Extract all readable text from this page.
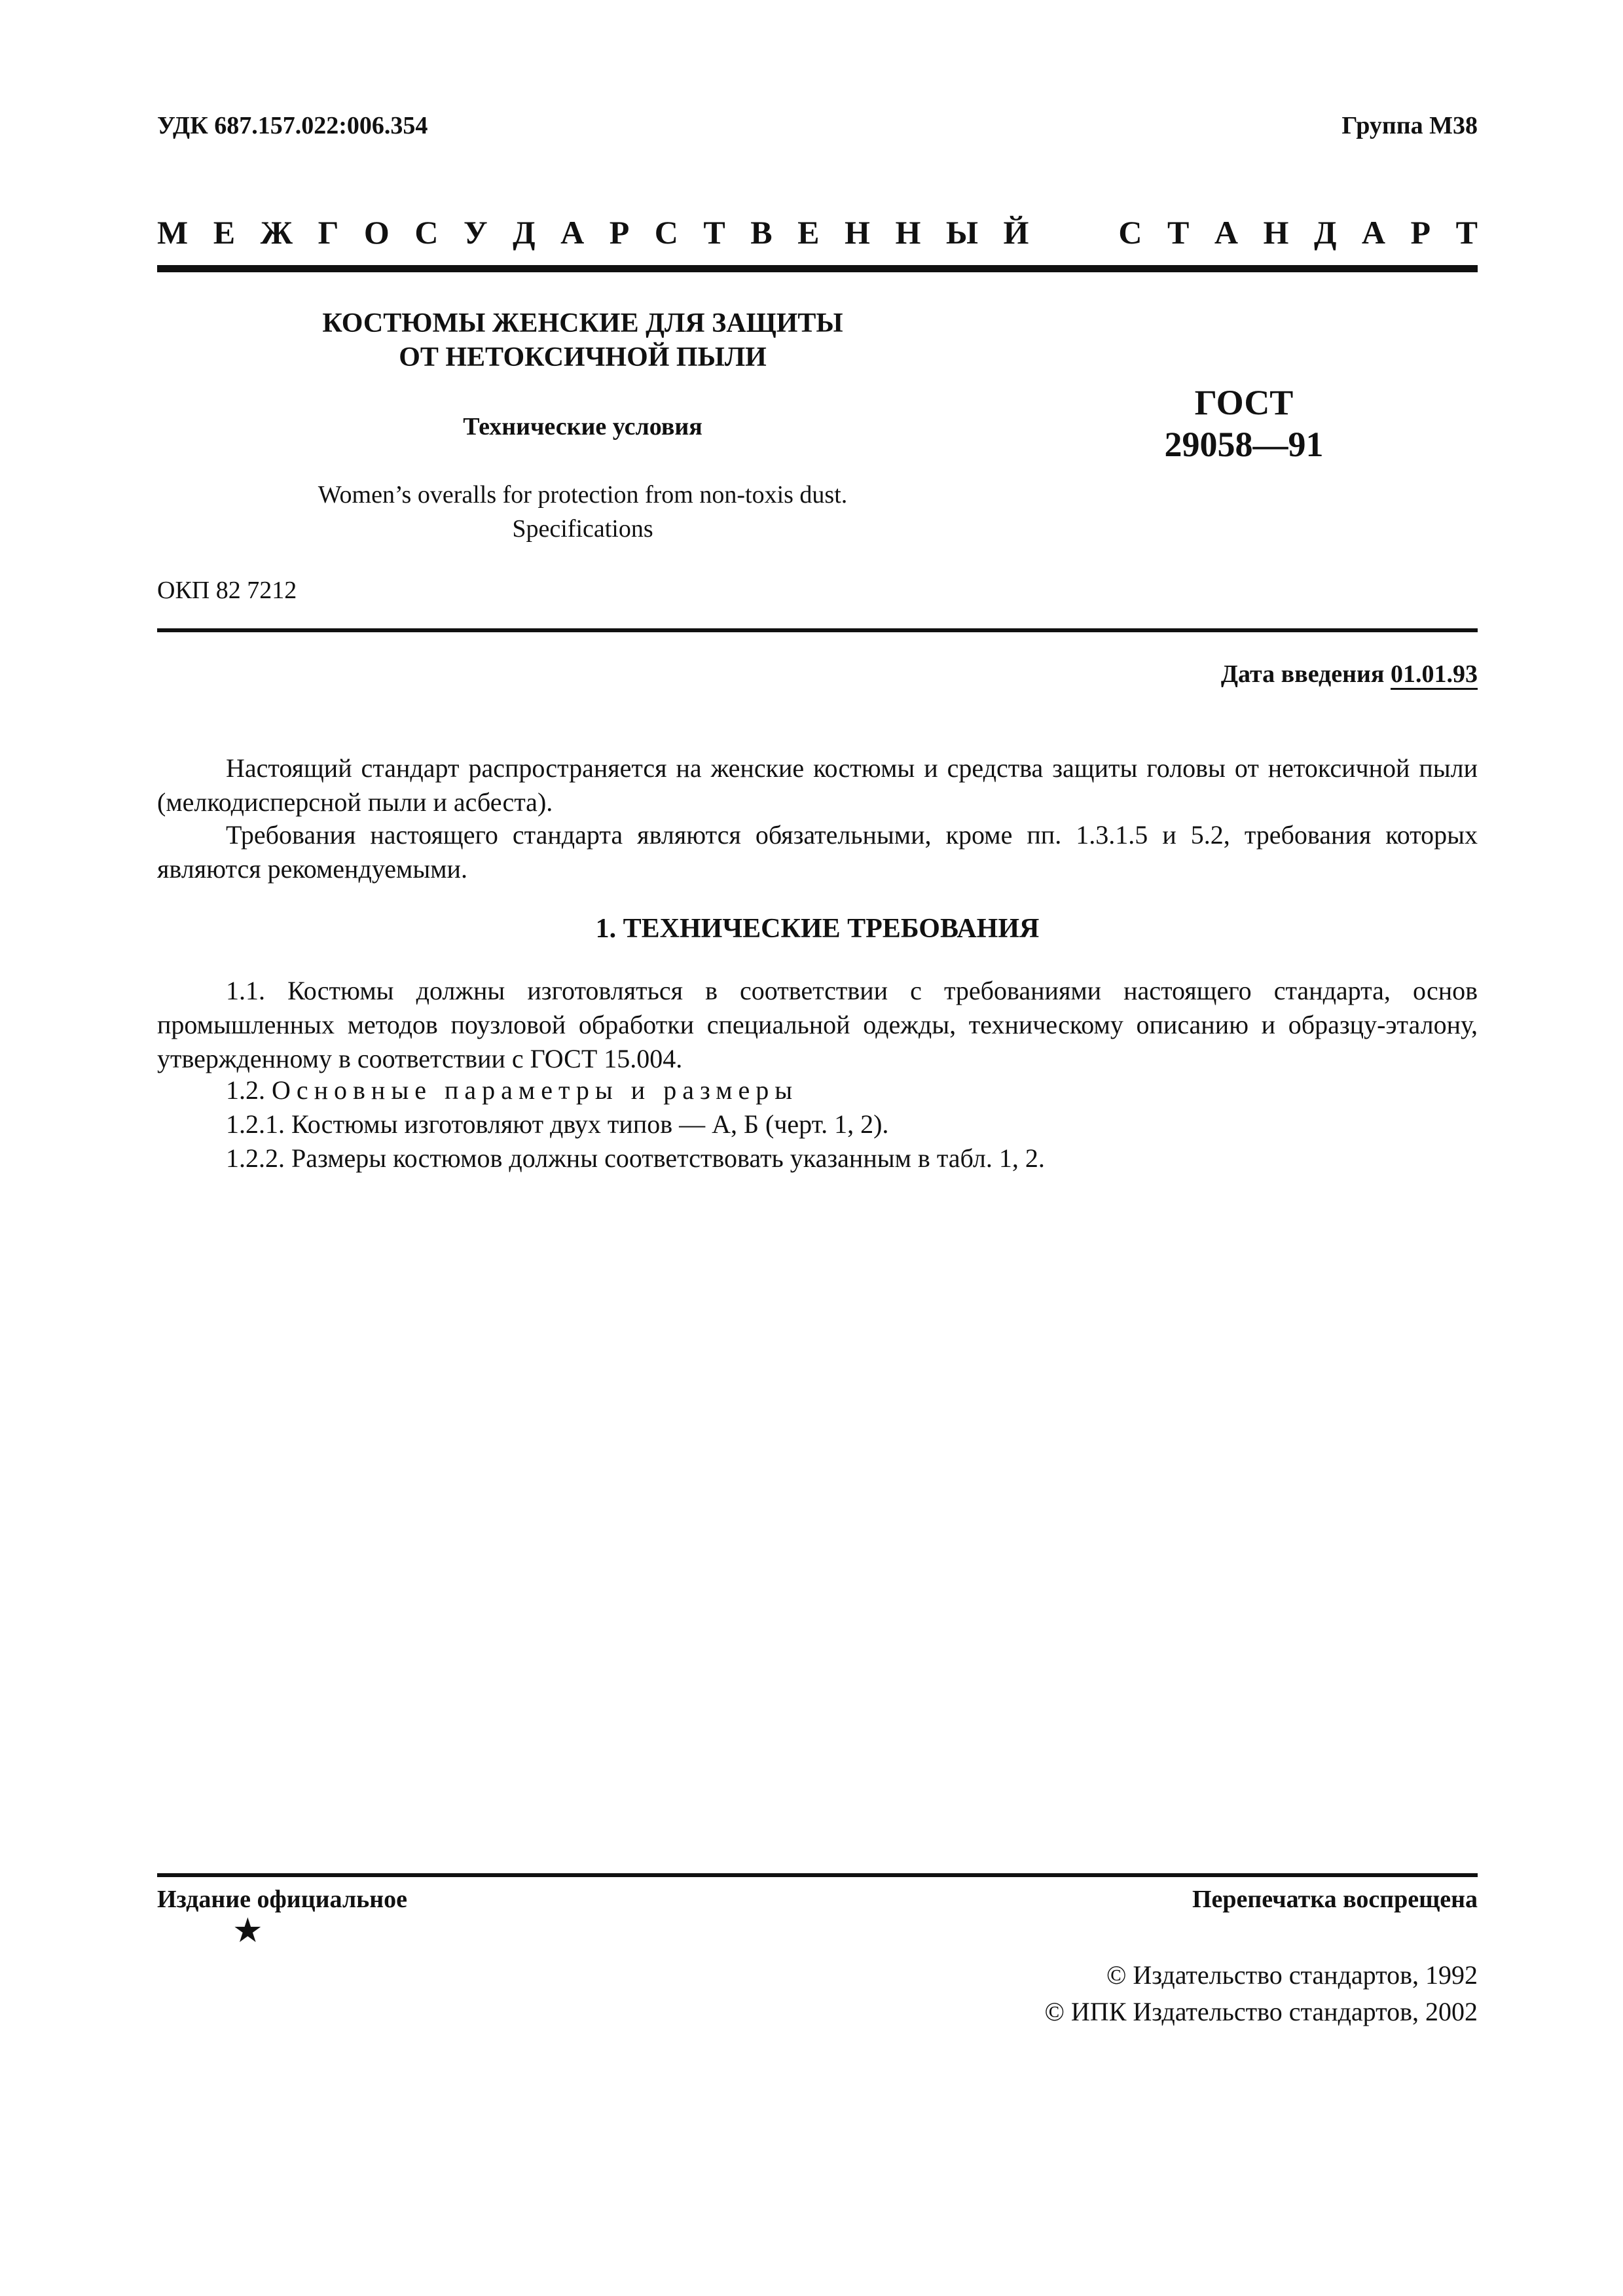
УДК 687.157.022:006.354	Группа М38
М Е Ж Г О С У Д А Р С Т В Е Н Н Ы Й	С Т А Н Д А Р Т
КОСТЮМЫ ЖЕНСКИЕ ДЛЯ ЗАЩИТЫ
ОТ НЕТОКСИЧНОЙ ПЫЛИ
Технические условия
Women’s overalls for protection from non-toxis dust.
Specifications
ГОСТ
29058—91
ОКП 82 7212
Дата введения 01.01.93

Настоящий стандарт распространяется на женские костюмы и средства защиты головы от нетоксичной пыли (мелкодисперсной пыли и асбеста).

Требования настоящего стандарта являются обязательными, кроме пп. 1.3.1.5 и 5.2, требования которых являются рекомендуемыми.

1. ТЕХНИЧЕСКИЕ ТРЕБОВАНИЯ

1.1. Костюмы должны изготовляться в соответствии с требованиями настоящего стандарта, основ промышленных методов поузловой обработки специальной одежды, техническому описанию и образцу-эталону, утвержденному в соответствии с ГОСТ 15.004.

1.2. Основные параметры и размеры
1.2.1. Костюмы изготовляют двух типов — А, Б (черт. 1, 2).
1.2.2. Размеры костюмов должны соответствовать указанным в табл. 1, 2.
Издание официальное	Перепечатка воспрещена
★
© Издательство стандартов, 1992
© ИПК Издательство стандартов, 2002
